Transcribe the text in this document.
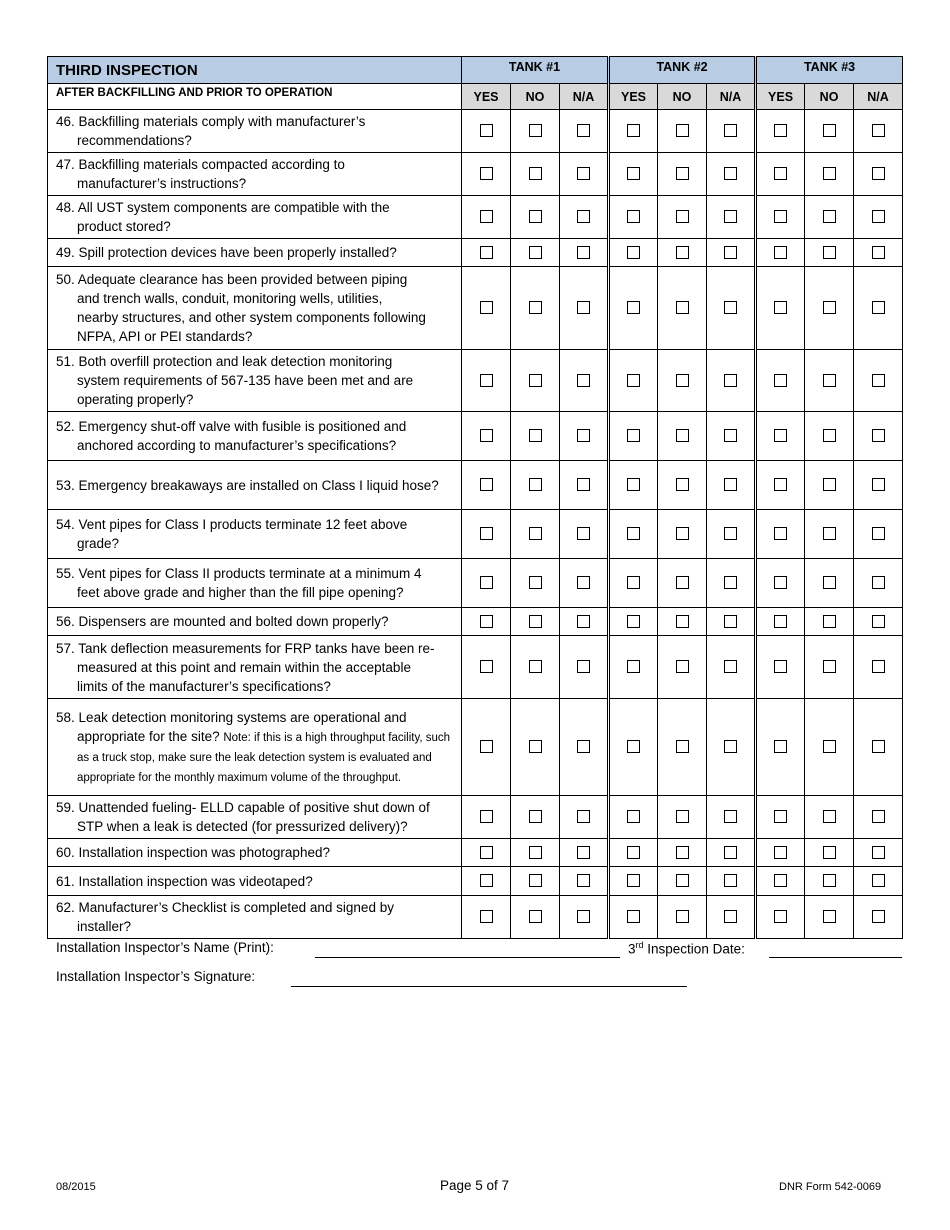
THIRD INSPECTION	TANK #1			TANK #2			TANK #3		
AFTER BACKFILLING AND PRIOR TO OPERATION	YES	NO	N/A	YES	NO	N/A	YES	NO	N/A
46. Backfilling materials comply with manufacturer’s
recommendations?									

47. Backfilling materials compacted according to
manufacturer’s instructions?									

48. All UST system components are compatible with the
product stored?									

49. Spill protection devices have been properly installed?									
50. Adequate clearance has been provided between piping
and trench walls, conduit, monitoring wells, utilities,
nearby structures, and other system components following
NFPA, API or PEI standards?									

51. Both overfill protection and leak detection monitoring
system requirements of 567-135 have been met and are
operating properly?									

52. Emergency shut-off valve with fusible is positioned and
anchored according to manufacturer’s specifications?									

53. Emergency breakaways are installed on Class I liquid hose?									
54. Vent pipes for Class I products terminate 12 feet above
grade?									

55. Vent pipes for Class II products terminate at a minimum 4
feet above grade and higher than the fill pipe opening?									

56. Dispensers are mounted and bolted down properly?									
57. Tank deflection measurements for FRP tanks have been re-
measured at this point and remain within the acceptable
limits of the manufacturer’s specifications?									

58. Leak detection monitoring systems are operational and
appropriate for the site? Note: if this is a high throughput facility, such as a truck stop, make sure the leak detection system is evaluated and appropriate for the monthly maximum volume of the throughput.									

59. Unattended fueling- ELLD capable of positive shut down of
STP when a leak is detected (for pressurized delivery)?									

60. Installation inspection was photographed?									
61. Installation inspection was videotaped?									
62. Manufacturer’s Checklist is completed and signed by
installer?									

Installation Inspector’s Name (Print):	3rd Inspection Date:
Installation Inspector’s Signature:
08/2015	Page 5 of 7	DNR Form 542-0069
